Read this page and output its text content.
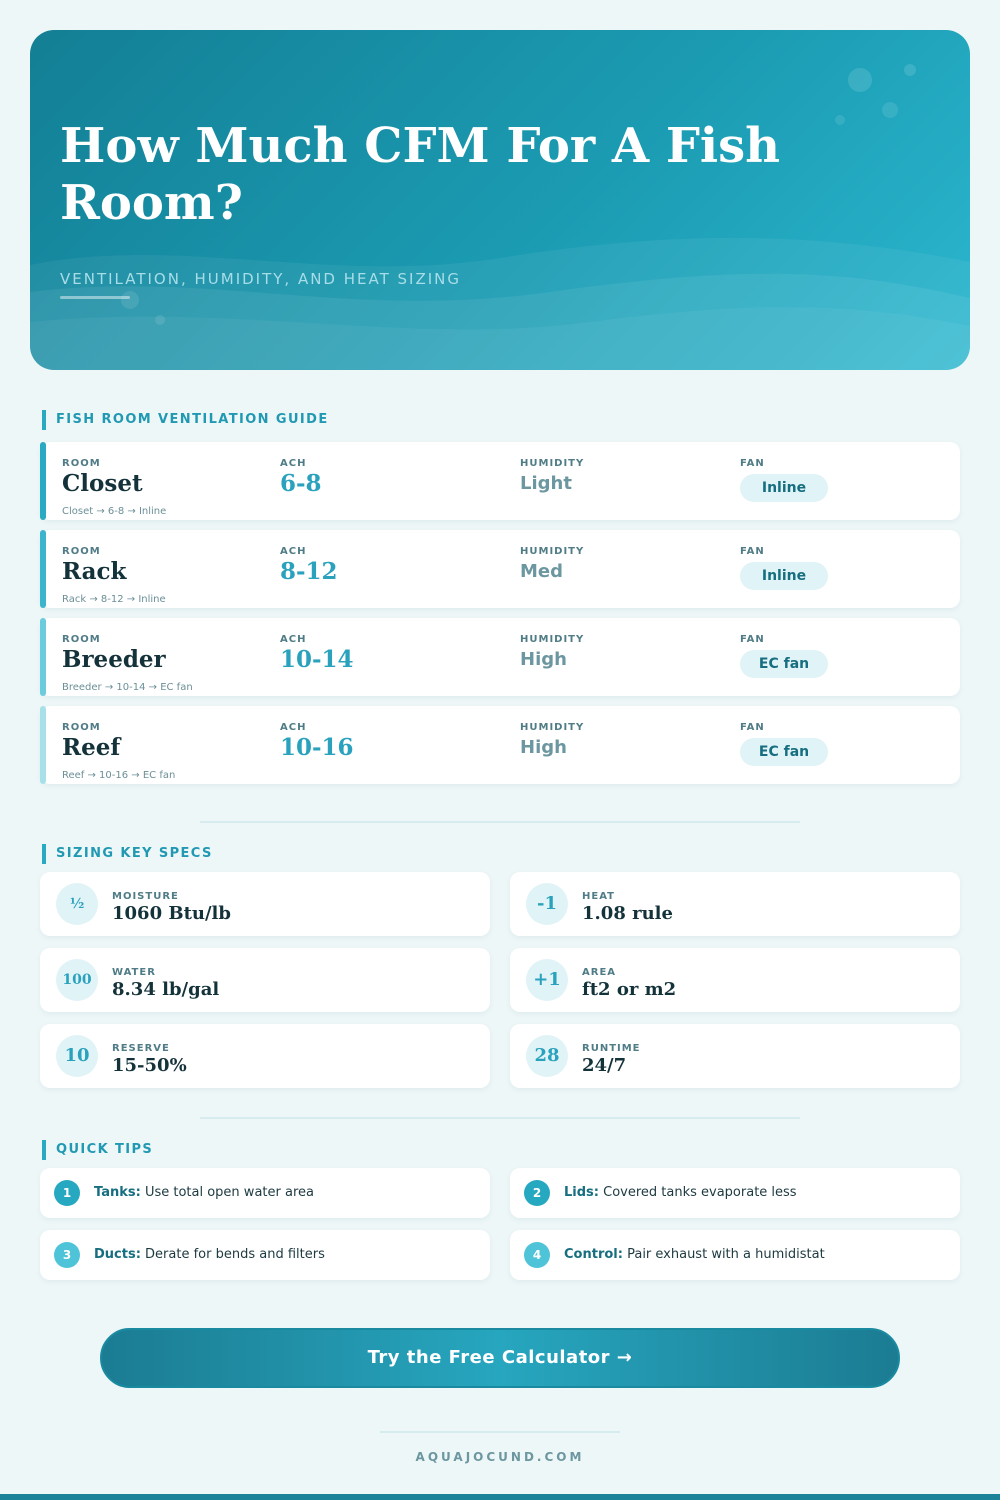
How Much CFM For A Fish Room?
VENTILATION, HUMIDITY, AND HEAT SIZING
FISH ROOM VENTILATION GUIDE
ROOM	ACH	HUMIDITY	FAN
Closet	6-8	Light	Inline
Closet → 6-8 → Inline
ROOM	ACH	HUMIDITY	FAN
Rack	8-12	Med	Inline
Rack → 8-12 → Inline
ROOM	ACH	HUMIDITY	FAN
Breeder	10-14	High	EC fan
Breeder → 10-14 → EC fan
ROOM	ACH	HUMIDITY	FAN
Reef	10-16	High	EC fan
Reef → 10-16 → EC fan
SIZING KEY SPECS
½	MOISTURE
1060 Btu/lb	-1	HEAT
1.08 rule
100	WATER
8.34 lb/gal	+1	AREA
ft2 or m2
10	RESERVE
15-50%	28	RUNTIME
24/7
QUICK TIPS
1	Tanks: Use total open water area	2	Lids: Covered tanks evaporate less
3	Ducts: Derate for bends and filters	4	Control: Pair exhaust with a humidistat
Try the Free Calculator →
AQUAJOCUND.COM
